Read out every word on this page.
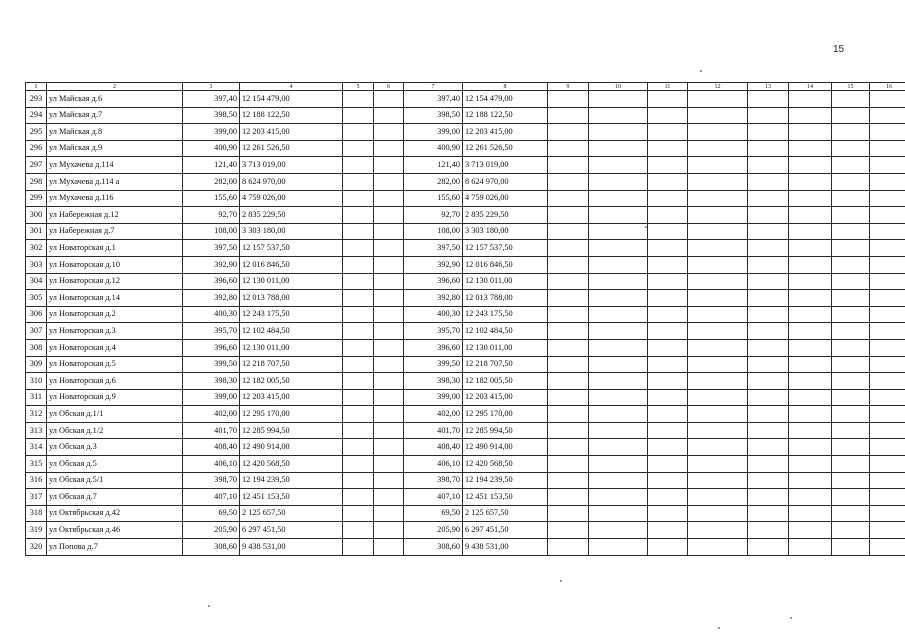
15
1	2	3	4	5	6	7	8	9	10	11	12	13	14	15	16
293	ул Майская д.6	397,40	12 154 479,00			397,40	12 154 479,00								
294	ул Майская д.7	398,50	12 188 122,50			398,50	12 188 122,50								
295	ул Майская д.8	399,00	12 203 415,00			399,00	12 203 415,00								
296	ул Майская д.9	400,90	12 261 526,50			400,90	12 261 526,50								
297	ул Мухачева д.114	121,40	3 713 019,00			121,40	3 713 019,00								
298	ул Мухачева д.114 а	282,00	8 624 970,00			282,00	8 624 970,00								
299	ул Мухачева д.116	155,60	4 759 026,00			155,60	4 759 026,00								
300	ул Набережная д.12	92,70	2 835 229,50			92,70	2 835 229,50								
301	ул Набережная д.7	108,00	3 303 180,00			108,00	3 303 180,00								
302	ул Новаторская д.1	397,50	12 157 537,50			397,50	12 157 537,50								
303	ул Новаторская д.10	392,90	12 016 846,50			392,90	12 016 846,50								
304	ул Новаторская д.12	396,60	12 130 011,00			396,60	12 130 011,00								
305	ул Новаторская д.14	392,80	12 013 788,00			392,80	12 013 788,00								
306	ул Новаторская д.2	400,30	12 243 175,50			400,30	12 243 175,50								
307	ул Новаторская д.3	395,70	12 102 484,50			395,70	12 102 484,50								
308	ул Новаторская д.4	396,60	12 130 011,00			396,60	12 130 011,00								
309	ул Новаторская д.5	399,50	12 218 707,50			399,50	12 218 707,50								
310	ул Новаторская д.6	398,30	12 182 005,50			398,30	12 182 005,50								
311	ул Новаторская д.9	399,00	12 203 415,00			399,00	12 203 415,00								
312	ул Обская д.1/1	402,00	12 295 170,00			402,00	12 295 170,00								
313	ул Обская д.1/2	401,70	12 285 994,50			401,70	12 285 994,50								
314	ул Обская д.3	408,40	12 490 914,00			408,40	12 490 914,00								
315	ул Обская д.5	406,10	12 420 568,50			406,10	12 420 568,50								
316	ул Обская д.5/1	398,70	12 194 239,50			398,70	12 194 239,50								
317	ул Обская д.7	407,10	12 451 153,50			407,10	12 451 153,50								
318	ул Октябрьская д.42	69,50	2 125 657,50			69,50	2 125 657,50								
319	ул Октябрьская д.46	205,90	6 297 451,50			205,90	6 297 451,50								
320	ул Попова д.7	308,60	9 438 531,00			308,60	9 438 531,00								
